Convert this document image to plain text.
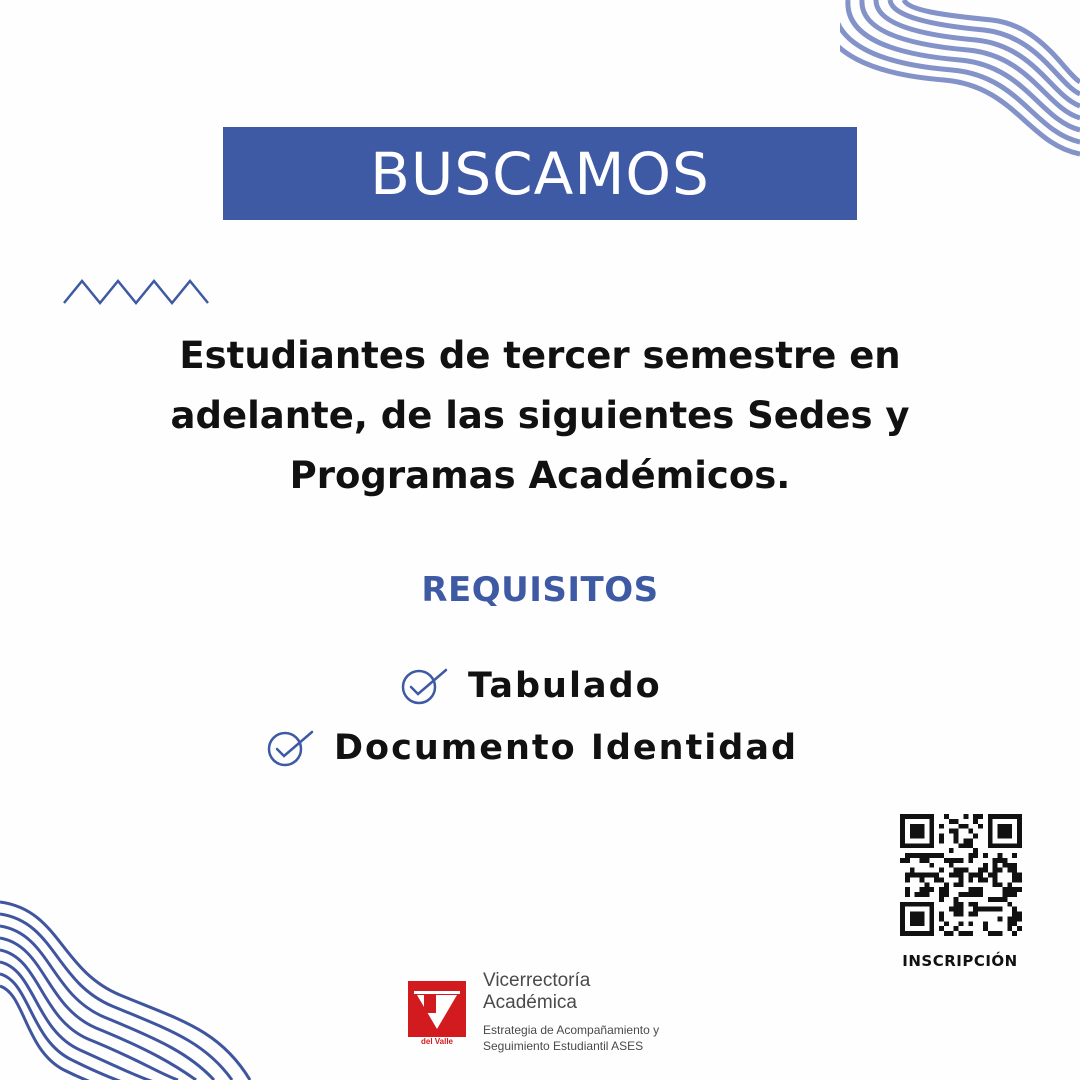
BUSCAMOS
Estudiantes de tercer semestre en
adelante, de las siguientes Sedes y
Programas Académicos.
REQUISITOS
Tabulado
Documento Identidad
INSCRIPCIÓN
Universidad
del Valle
Vicerrectoría
Académica
Estrategia de Acompañamiento y
Seguimiento Estudiantil ASES
